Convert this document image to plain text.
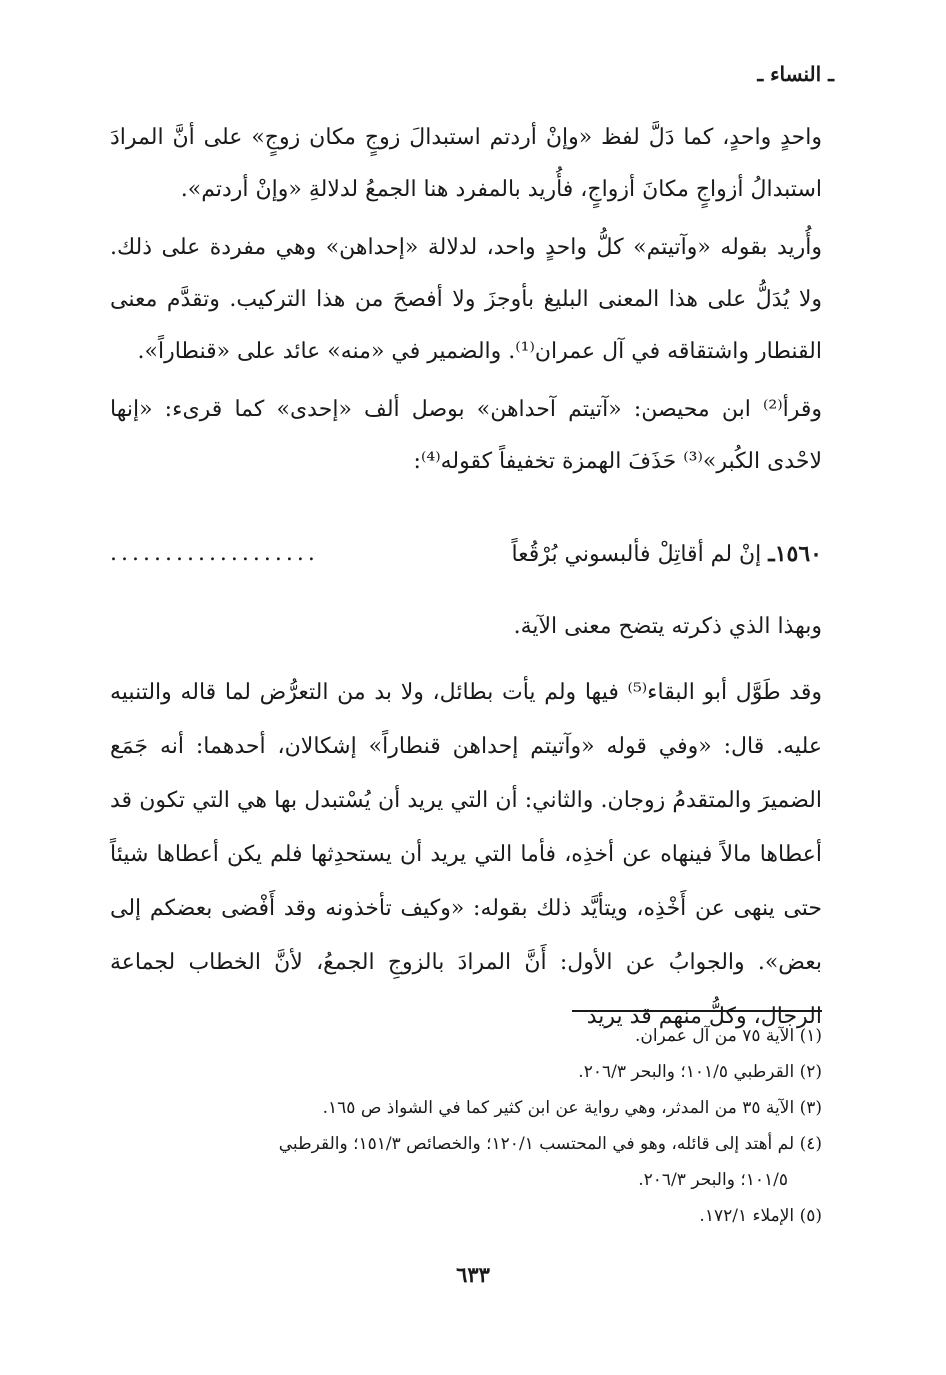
ـ النساء ـ

واحدٍ واحدٍ، كما دَلَّ لفظ «وإنْ أردتم استبدالَ زوجٍ مكان زوجٍ» على أنَّ المرادَ استبدالُ أزواجٍ مكانَ أزواجٍ، فأُريد بالمفرد هنا الجمعُ لدلالةِ «وإنْ أردتم».

وأُريد بقوله «وآتيتم» كلُّ واحدٍ واحد، لدلالة «إحداهن» وهي مفردة على ذلك. ولا يُدَلُّ على هذا المعنى البليغ بأوجزَ ولا أفصحَ من هذا التركيب. وتقدَّم معنى القنطار واشتقاقه في آل عمران⁽¹⁾. والضمير في «منه» عائد على «قنطاراً».

وقرأ⁽²⁾ ابن محيصن: «آتيتم آحداهن» بوصل ألف «إحدى» كما قرىء: «إنها لاحْدى الكُبر»⁽³⁾ حَذَفَ الهمزة تخفيفاً كقوله⁽⁴⁾:

١٥٦٠ـ إنْ لم أقاتِلْ فألبسوني بُرْقُعاً
...................

وبهذا الذي ذكرته يتضح معنى الآية.

وقد طَوَّل أبو البقاء⁽⁵⁾ فيها ولم يأت بطائل، ولا بد من التعرُّض لما قاله والتنبيه عليه. قال: «وفي قوله «وآتيتم إحداهن قنطاراً» إشكالان، أحدهما: أنه جَمَع الضميرَ والمتقدمُ زوجان. والثاني: أن التي يريد أن يُسْتبدل بها هي التي تكون قد أعطاها مالاً فينهاه عن أخذِه، فأما التي يريد أن يستحدِثها فلم يكن أعطاها شيئاً حتى ينهى عن أَخْذِه، ويتأيَّد ذلك بقوله: «وكيف تأخذونه وقد أَفْضى بعضكم إلى بعض». والجوابُ عن الأول: أَنَّ المرادَ بالزوجِ الجمعُ، لأنَّ الخطاب لجماعة الرجال، وكلُّ منهم قد يريد

(١) الآية ٧٥ من آل عمران.

(٢) القرطبي ١٠١/٥؛ والبحر ٢٠٦/٣.

(٣) الآية ٣٥ من المدثر، وهي رواية عن ابن كثير كما في الشواذ ص ١٦٥.

(٤) لم أهتد إلى قائله، وهو في المحتسب ١٢٠/١؛ والخصائص ١٥١/٣؛ والقرطبي

١٠١/٥؛ والبحر ٢٠٦/٣.

(٥) الإملاء ١٧٢/١.

٦٣٣
